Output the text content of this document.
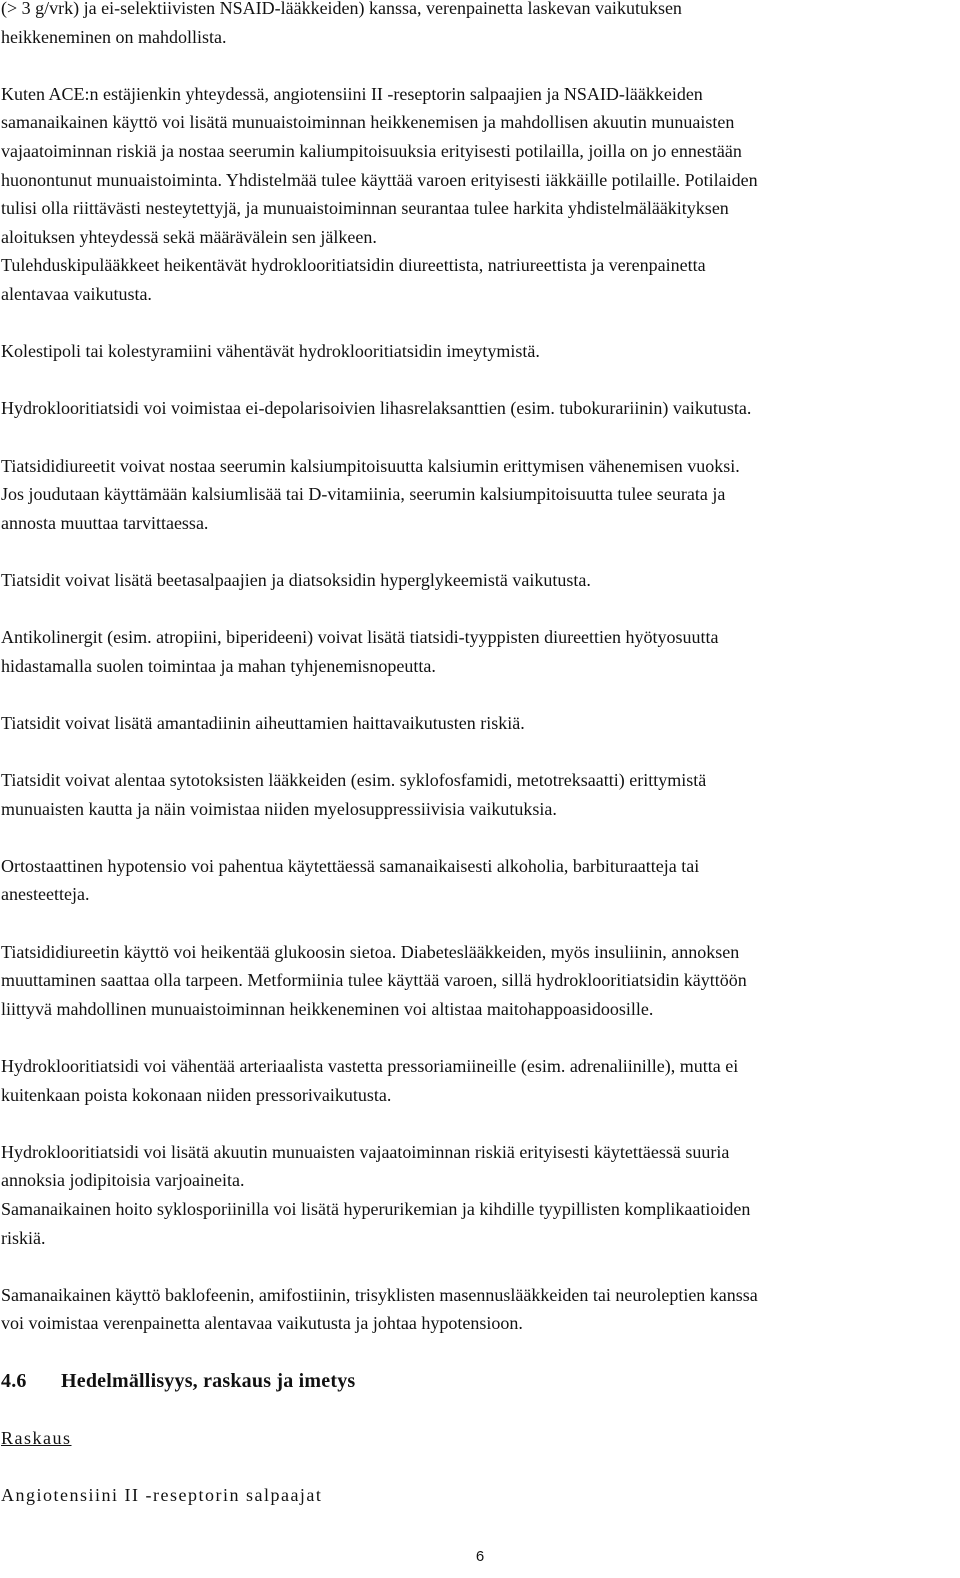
(> 3 g/vrk) ja ei-selektiivisten NSAID-lääkkeiden) kanssa, verenpainetta laskevan vaikutuksen

heikkeneminen on mahdollista.

Kuten ACE:n estäjienkin yhteydessä, angiotensiini II -reseptorin salpaajien ja NSAID-lääkkeiden

samanaikainen käyttö voi lisätä munuaistoiminnan heikkenemisen ja mahdollisen akuutin munuaisten

vajaatoiminnan riskiä ja nostaa seerumin kaliumpitoisuuksia erityisesti potilailla, joilla on jo ennestään

huonontunut munuaistoiminta. Yhdistelmää tulee käyttää varoen erityisesti iäkkäille potilaille. Potilaiden

tulisi olla riittävästi nesteytettyjä, ja munuaistoiminnan seurantaa tulee harkita yhdistelmälääkityksen

aloituksen yhteydessä sekä määrävälein sen jälkeen.

Tulehduskipulääkkeet heikentävät hydroklooritiatsidin diureettista, natriureettista ja verenpainetta

alentavaa vaikutusta.

Kolestipoli tai kolestyramiini vähentävät hydroklooritiatsidin imeytymistä.

Hydroklooritiatsidi voi voimistaa ei-depolarisoivien lihasrelaksanttien (esim. tubokurariinin) vaikutusta.

Tiatsididiureetit voivat nostaa seerumin kalsiumpitoisuutta kalsiumin erittymisen vähenemisen vuoksi.

Jos joudutaan käyttämään kalsiumlisää tai D-vitamiinia, seerumin kalsiumpitoisuutta tulee seurata ja

annosta muuttaa tarvittaessa.

Tiatsidit voivat lisätä beetasalpaajien ja diatsoksidin hyperglykeemistä vaikutusta.

Antikolinergit (esim. atropiini, biperideeni) voivat lisätä tiatsidi-tyyppisten diureettien hyötyosuutta

hidastamalla suolen toimintaa ja mahan tyhjenemisnopeutta.

Tiatsidit voivat lisätä amantadiinin aiheuttamien haittavaikutusten riskiä.

Tiatsidit voivat alentaa sytotoksisten lääkkeiden (esim. syklofosfamidi, metotreksaatti) erittymistä

munuaisten kautta ja näin voimistaa niiden myelosuppressiivisia vaikutuksia.

Ortostaattinen hypotensio voi pahentua käytettäessä samanaikaisesti alkoholia, barbituraatteja tai

anesteetteja.

Tiatsididiureetin käyttö voi heikentää glukoosin sietoa. Diabeteslääkkeiden, myös insuliinin, annoksen

muuttaminen saattaa olla tarpeen. Metformiinia tulee käyttää varoen, sillä hydroklooritiatsidin käyttöön

liittyvä mahdollinen munuaistoiminnan heikkeneminen voi altistaa maitohappoasidoosille.

Hydroklooritiatsidi voi vähentää arteriaalista vastetta pressoriamiineille (esim. adrenaliinille), mutta ei

kuitenkaan poista kokonaan niiden pressorivaikutusta.

Hydroklooritiatsidi voi lisätä akuutin munuaisten vajaatoiminnan riskiä erityisesti käytettäessä suuria

annoksia jodipitoisia varjoaineita.

Samanaikainen hoito syklosporiinilla voi lisätä hyperurikemian ja kihdille tyypillisten komplikaatioiden

riskiä.

Samanaikainen käyttö baklofeenin, amifostiinin, trisyklisten masennuslääkkeiden tai neuroleptien kanssa

voi voimistaa verenpainetta alentavaa vaikutusta ja johtaa hypotensioon.

4.6 Hedelmällisyys, raskaus ja imetys

Raskaus

Angiotensiini II -reseptorin salpaajat

6
